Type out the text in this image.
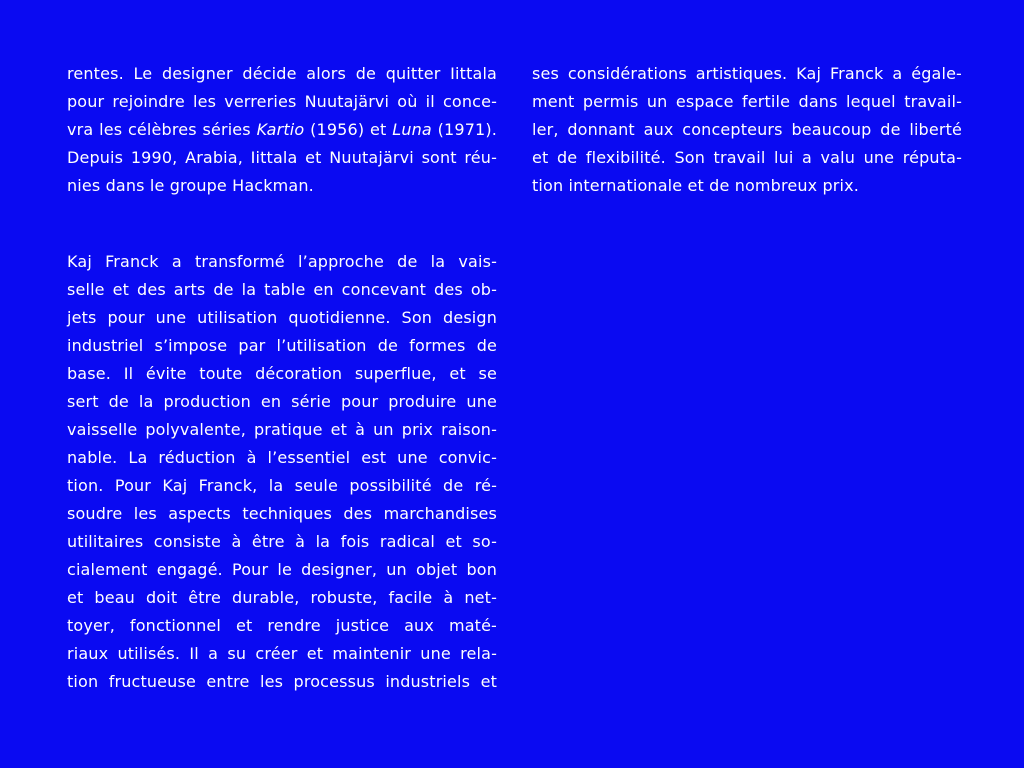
rentes. Le designer décide alors de quitter Iittala
pour rejoindre les verreries Nuutajärvi où il conce-
vra les célèbres séries Kartio (1956) et Luna (1971).
Depuis 1990, Arabia, Iittala et Nuutajärvi sont réu-
nies dans le groupe Hackman.
Kaj Franck a transformé l’approche de la vais-
selle et des arts de la table en concevant des ob-
jets pour une utilisation quotidienne. Son design
industriel s’impose par l’utilisation de formes de
base. Il évite toute décoration superflue, et se
sert de la production en série pour produire une
vaisselle polyvalente, pratique et à un prix raison-
nable. La réduction à l’essentiel est une convic-
tion. Pour Kaj Franck, la seule possibilité de ré-
soudre les aspects techniques des marchandises
utilitaires consiste à être à la fois radical et so-
cialement engagé. Pour le designer, un objet bon
et beau doit être durable, robuste, facile à net-
toyer, fonctionnel et rendre justice aux maté-
riaux utilisés. Il a su créer et maintenir une rela-
tion fructueuse entre les processus industriels et
ses considérations artistiques. Kaj Franck a égale-
ment permis un espace fertile dans lequel travail-
ler, donnant aux concepteurs beaucoup de liberté
et de flexibilité. Son travail lui a valu une réputa-
tion internationale et de nombreux prix.
